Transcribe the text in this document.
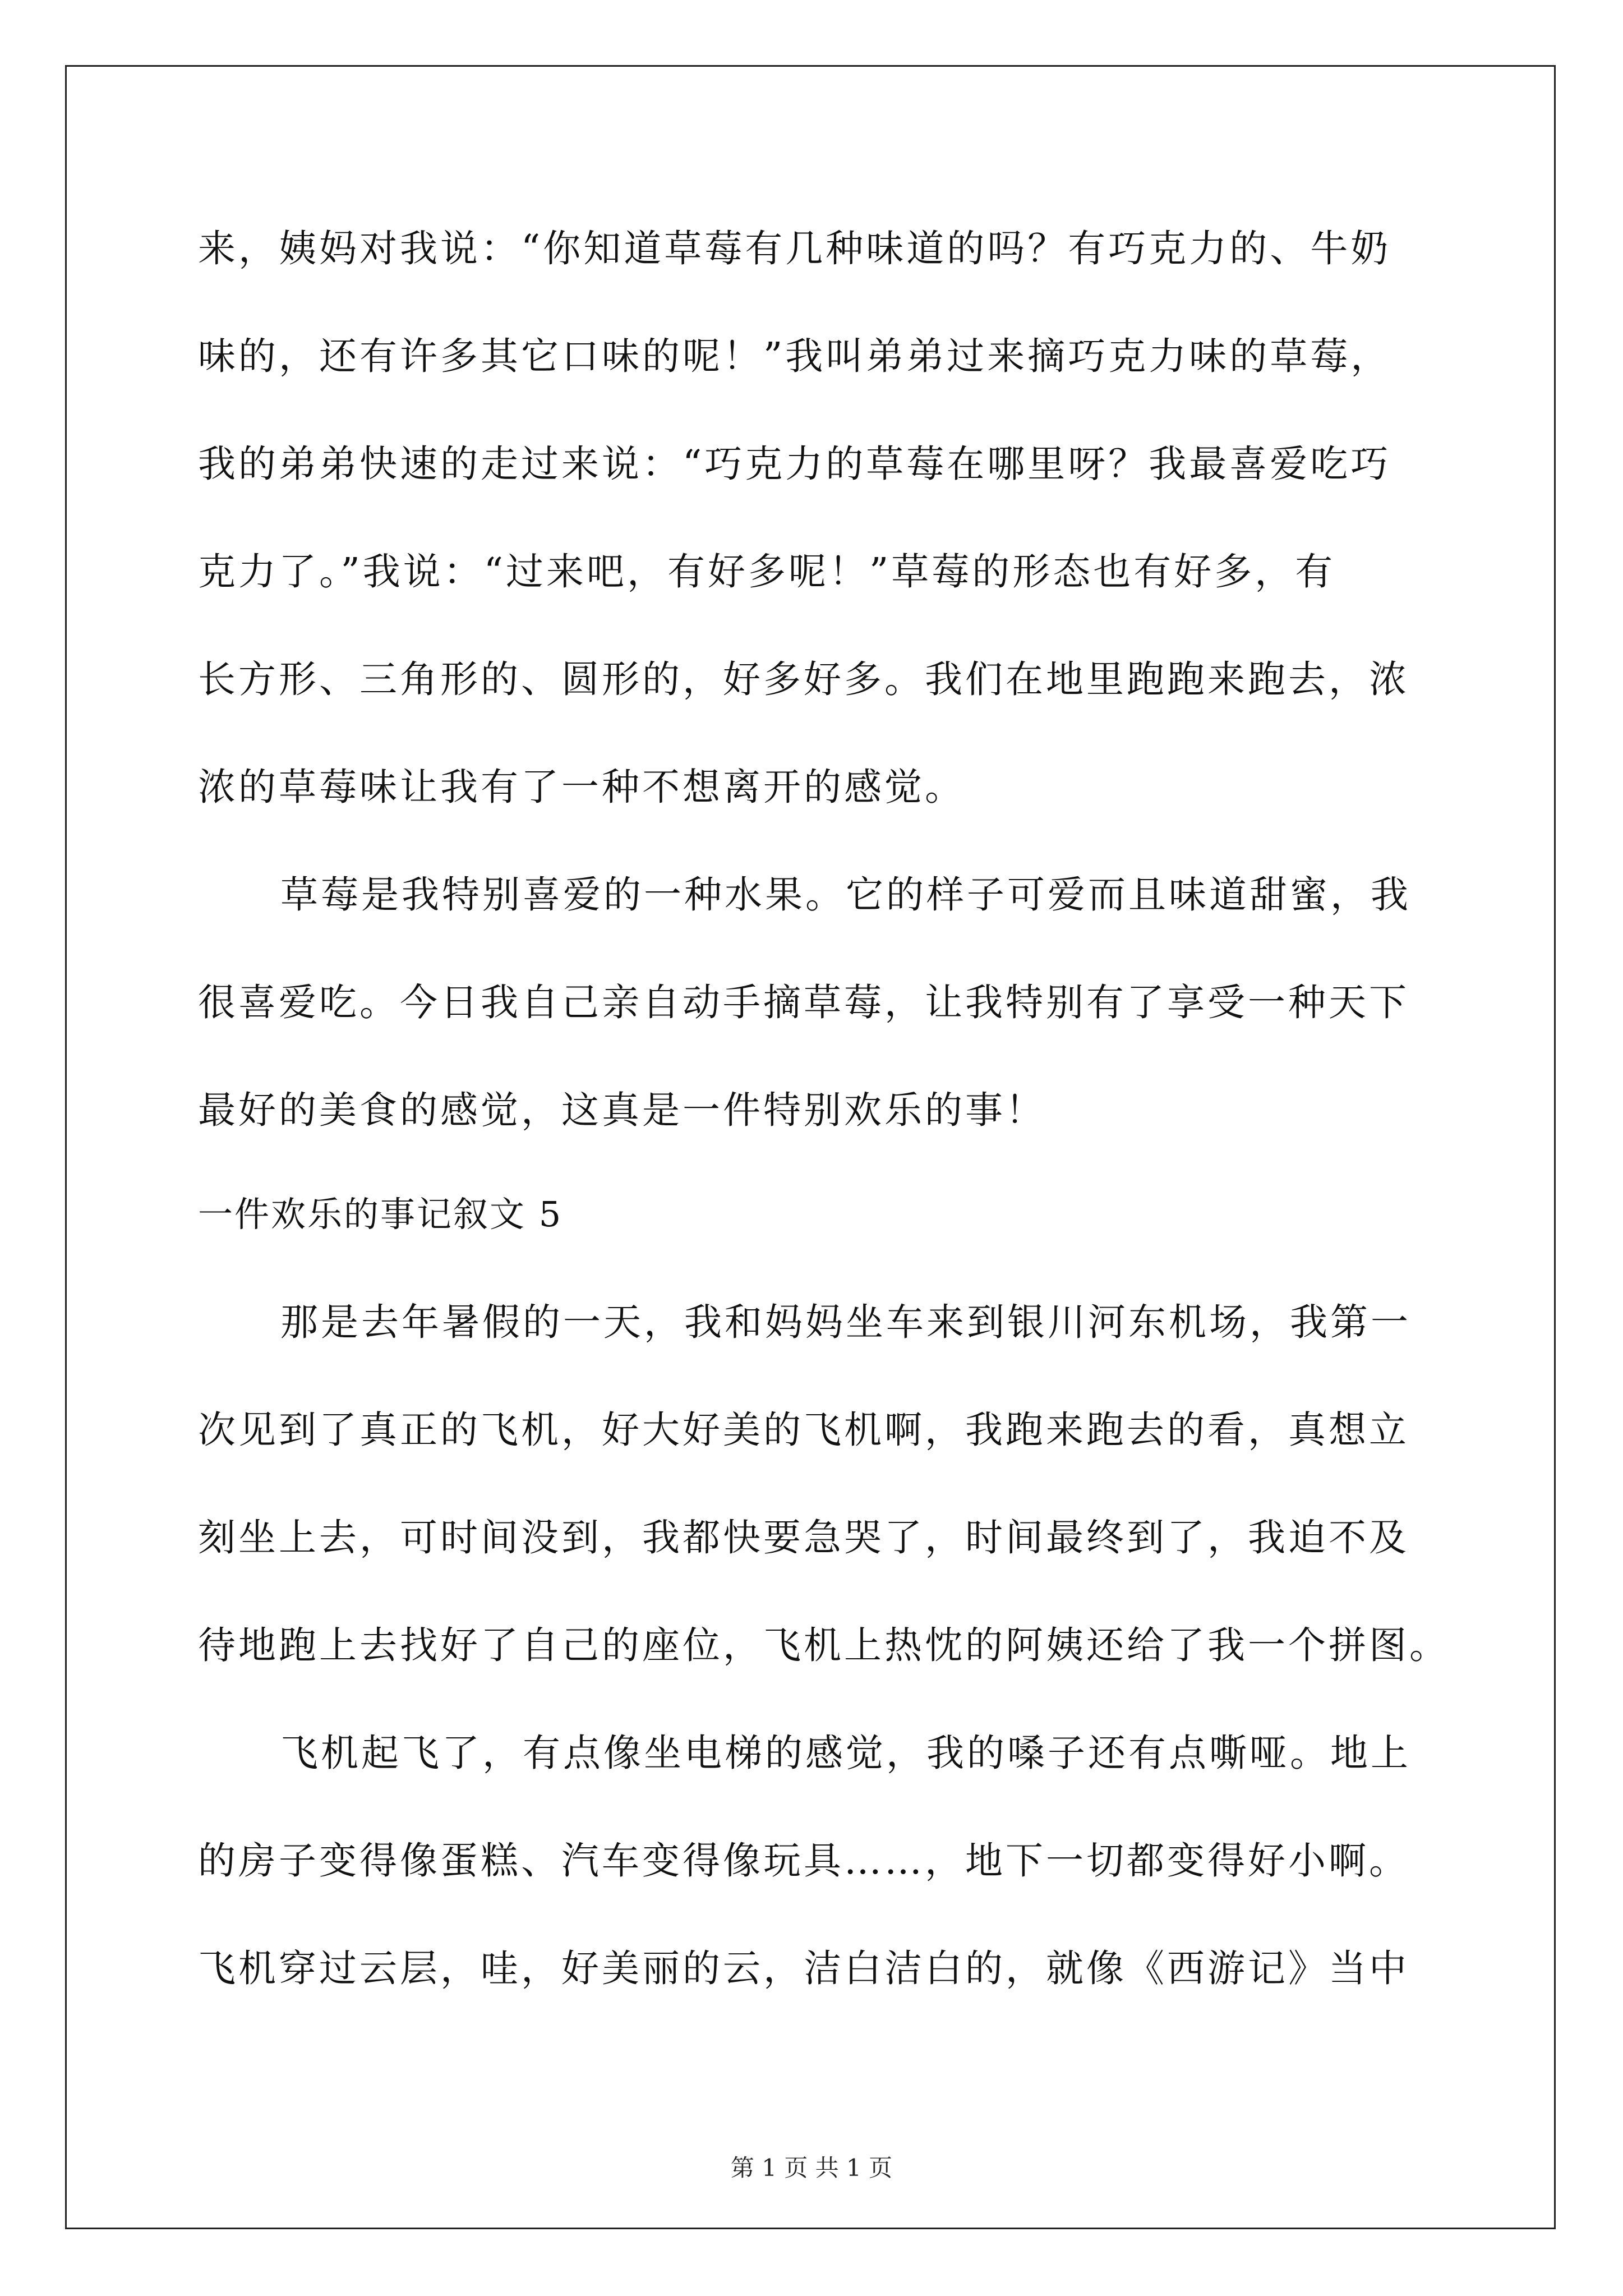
来，姨妈对我说：“你知道草莓有几种味道的吗？有巧克力的、牛奶
味的，还有许多其它口味的呢！”我叫弟弟过来摘巧克力味的草莓，
我的弟弟快速的走过来说：“巧克力的草莓在哪里呀？我最喜爱吃巧
克力了。”我说：“过来吧，有好多呢！”草莓的形态也有好多，有
长方形、三角形的、圆形的，好多好多。我们在地里跑跑来跑去，浓
浓的草莓味让我有了一种不想离开的感觉。
草莓是我特别喜爱的一种水果。它的样子可爱而且味道甜蜜，我
很喜爱吃。今日我自己亲自动手摘草莓，让我特别有了享受一种天下
最好的美食的感觉，这真是一件特别欢乐的事！
一件欢乐的事记叙文 5
那是去年暑假的一天，我和妈妈坐车来到银川河东机场，我第一
次见到了真正的飞机，好大好美的飞机啊，我跑来跑去的看，真想立
刻坐上去，可时间没到，我都快要急哭了，时间最终到了，我迫不及
待地跑上去找好了自己的座位，飞机上热忱的阿姨还给了我一个拼图。
飞机起飞了，有点像坐电梯的感觉，我的嗓子还有点嘶哑。地上
的房子变得像蛋糕、汽车变得像玩具……，地下一切都变得好小啊。
飞机穿过云层，哇，好美丽的云，洁白洁白的，就像《西游记》当中
第 1 页 共 1 页
